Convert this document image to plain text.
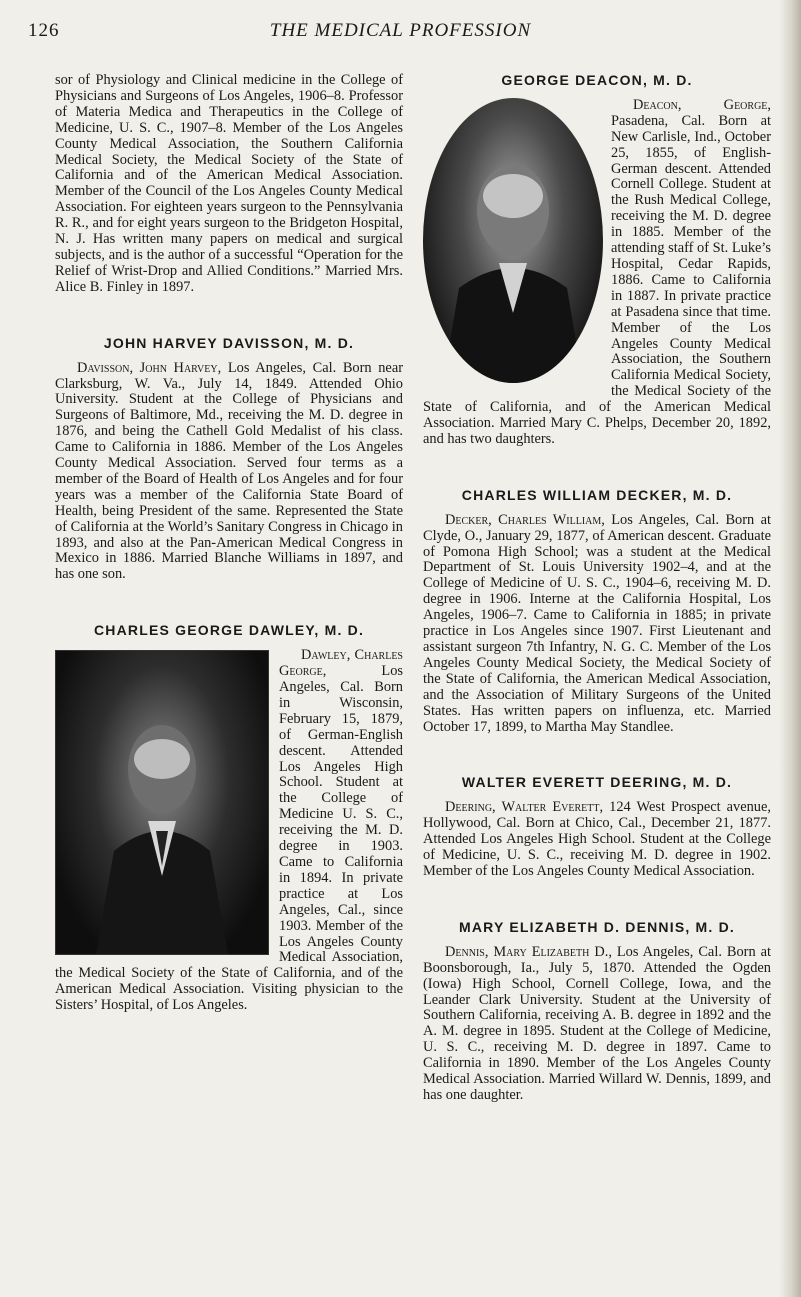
126	THE MEDICAL PROFESSION

sor of Physiology and Clinical medicine in the College of Physicians and Surgeons of Los Angeles, 1906–8. Professor of Materia Medica and Therapeutics in the College of Medicine, U. S. C., 1907–8. Member of the Los Angeles County Medical Association, the Southern California Medical Society, the Medical Society of the State of California and of the American Medical Association. Member of the Council of the Los Angeles County Medical Association. For eighteen years surgeon to the Pennsylvania R. R., and for eight years surgeon to the Bridgeton Hospital, N. J. Has written many papers on medical and surgical subjects, and is the author of a successful “Operation for the Relief of Wrist-Drop and Allied Conditions.” Married Mrs. Alice B. Finley in 1897.

JOHN HARVEY DAVISSON, M. D.

Davisson, John Harvey, Los Angeles, Cal. Born near Clarksburg, W. Va., July 14, 1849. Attended Ohio University. Student at the College of Physicians and Surgeons of Baltimore, Md., receiving the M. D. degree in 1876, and being the Cathell Gold Medalist of his class. Came to California in 1886. Member of the Los Angeles County Medical Association. Served four terms as a member of the Board of Health of Los Angeles and for four years was a member of the California State Board of Health, being President of the same. Represented the State of California at the World’s Sanitary Congress in Chicago in 1893, and also at the Pan-American Medical Congress in Mexico in 1886. Married Blanche Williams in 1897, and has one son.

CHARLES GEORGE DAWLEY, M. D.

Dawley, Charles George, Los Angeles, Cal. Born in Wisconsin, February 15, 1879, of German-English descent. Attended Los Angeles High School. Student at the College of Medicine U. S. C., receiving the M. D. degree in 1903. Came to California in 1894. In private practice at Los Angeles, Cal., since 1903. Member of the Los Angeles County Medical Association, the Medical Society of the State of California, and of the American Medical Association. Visiting physician to the Sisters’ Hospital, of Los Angeles.

GEORGE DEACON, M. D.

Deacon, George, Pasadena, Cal. Born at New Carlisle, Ind., October 25, 1855, of English-German descent. Attended Cornell College. Student at the Rush Medical College, receiving the M. D. degree in 1885. Member of the attending staff of St. Luke’s Hospital, Cedar Rapids, 1886. Came to California in 1887. In private practice at Pasadena since that time. Member of the Los Angeles County Medical Association, the Southern California Medical Society, the Medical Society of the State of California, and of the American Medical Association. Married Mary C. Phelps, December 20, 1892, and has two daughters.

CHARLES WILLIAM DECKER, M. D.

Decker, Charles William, Los Angeles, Cal. Born at Clyde, O., January 29, 1877, of American descent. Graduate of Pomona High School; was a student at the Medical Department of St. Louis University 1902–4, and at the College of Medicine of U. S. C., 1904–6, receiving M. D. degree in 1906. Interne at the California Hospital, Los Angeles, 1906–7. Came to California in 1885; in private practice in Los Angeles since 1907. First Lieutenant and assistant surgeon 7th Infantry, N. G. C. Member of the Los Angeles County Medical Society, the Medical Society of the State of California, the American Medical Association, and the Association of Military Surgeons of the United States. Has written papers on influenza, etc. Married October 17, 1899, to Martha May Standlee.

WALTER EVERETT DEERING, M. D.

Deering, Walter Everett, 124 West Prospect avenue, Hollywood, Cal. Born at Chico, Cal., December 21, 1877. Attended Los Angeles High School. Student at the College of Medicine, U. S. C., receiving M. D. degree in 1902. Member of the Los Angeles County Medical Association.

MARY ELIZABETH D. DENNIS, M. D.

Dennis, Mary Elizabeth D., Los Angeles, Cal. Born at Boonsborough, Ia., July 5, 1870. Attended the Ogden (Iowa) High School, Cornell College, Iowa, and the Leander Clark University. Student at the University of Southern California, receiving A. B. degree in 1892 and the A. M. degree in 1895. Student at the College of Medicine, U. S. C., receiving M. D. degree in 1897. Came to California in 1890. Member of the Los Angeles County Medical Association. Married Willard W. Dennis, 1899, and has one daughter.
